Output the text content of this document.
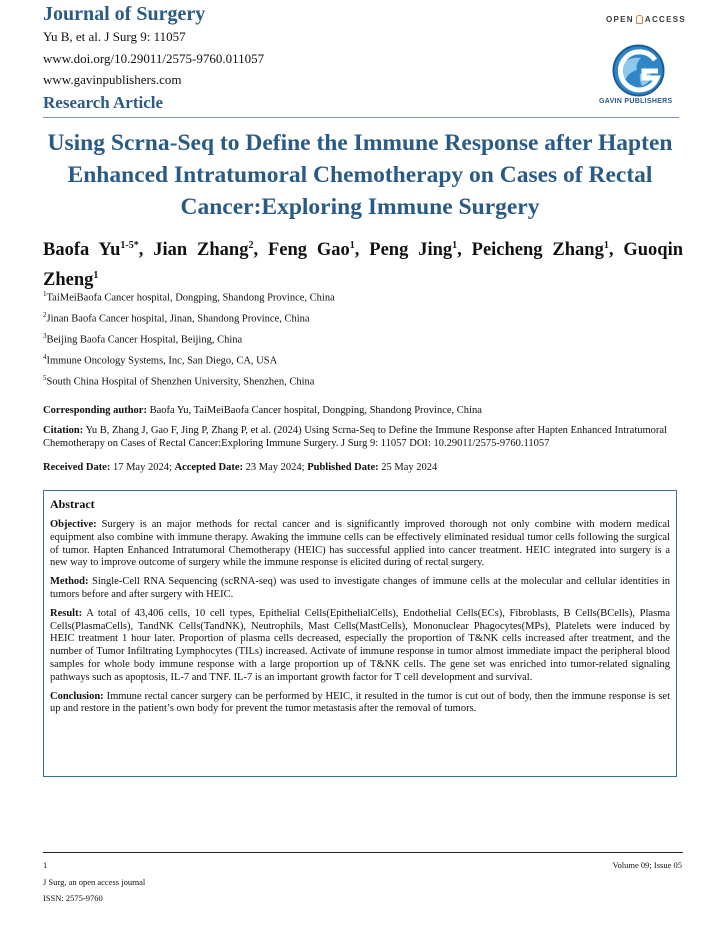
Journal of Surgery
Yu B, et al. J Surg 9: 11057
www.doi.org/10.29011/2575-9760.011057
www.gavinpublishers.com
Research Article
OPEN ACCESS
GAVIN PUBLISHERS
Using Scrna-Seq to Define the Immune Response after Hapten Enhanced Intratumoral Chemotherapy on Cases of Rectal Cancer:Exploring Immune Surgery
Baofa $Yu^{1-5*}$, Jian Zhang$^2$, Feng Gao$^1$, Peng Jing$^1$, Peicheng Zhang$^1$, Guoqin Zheng$^1$
$^1$TaiMeiBaofa Cancer hospital, Dongping, Shandong Province, China
$^2$Jinan Baofa Cancer hospital, Jinan, Shandong Province, China
$^3$Beijing Baofa Cancer Hospital, Beijing, China
$^4$Immune Oncology Systems, Inc, San Diego, CA, USA
$^5$South China Hospital of Shenzhen University, Shenzhen, China
Corresponding author: Baofa Yu, TaiMeiBaofa Cancer hospital, Dongping, Shandong Province, China
Citation: Yu B, Zhang J, Gao F, Jing P, Zhang P, et al. (2024) Using Scrna-Seq to Define the Immune Response after Hapten Enhanced Intratumoral Chemotherapy on Cases of Rectal Cancer:Exploring Immune Surgery. J Surg 9: 11057 DOI: 10.29011/2575-9760.11057
Received Date: 17 May 2024; Accepted Date: 23 May 2024; Published Date: 25 May 2024
Abstract

Objective: Surgery is an major methods for rectal cancer and is significantly improved thorough not only combine with modern medical equipment also combine with immune therapy. Awaking the immune cells can be effectively eliminated residual tumor cells following the surgical of tumor. Hapten Enhanced Intratumoral Chemotherapy (HEIC) has successful applied into cancer treatment. HEIC integrated into surgery is a new way to improve outcome of surgery while the immune response is elicited during of rectal surgery.

Method: Single-Cell RNA Sequencing (scRNA-seq) was used to investigate changes of immune cells at the molecular and cellular identities in tumors before and after surgery with HEIC.

Result: A total of 43,406 cells, 10 cell types, Epithelial Cells(EpithelialCells), Endothelial Cells(ECs), Fibroblasts, B Cells(BCells), Plasma Cells(PlasmaCells), TandNK Cells(TandNK), Neutrophils, Mast Cells(MastCells), Mononuclear Phagocytes(MPs), Platelets were induced by HEIC treatment 1 hour later. Proportion of plasma cells decreased, especially the proportion of T&NK cells increased after treatment, and the number of Tumor Infiltrating Lymphocytes (TILs) increased. Activate of immune response in tumor almost immediate impact the peripheral blood samples for whole body immune response with a large proportion up of T&NK cells. The gene set was enriched into tumor-related signaling pathways such as apoptosis, IL-7 and TNF. IL-7 is an important growth factor for T cell development and survival.

Conclusion: Immune rectal cancer surgery can be performed by HEIC, it resulted in the tumor is cut out of body, then the immune response is set up and restore in the patient’s own body for prevent the tumor metastasis after the removal of tumors.

1
J Surg, an open access journal
ISSN: 2575-9760
Volume 09; Issue 05
